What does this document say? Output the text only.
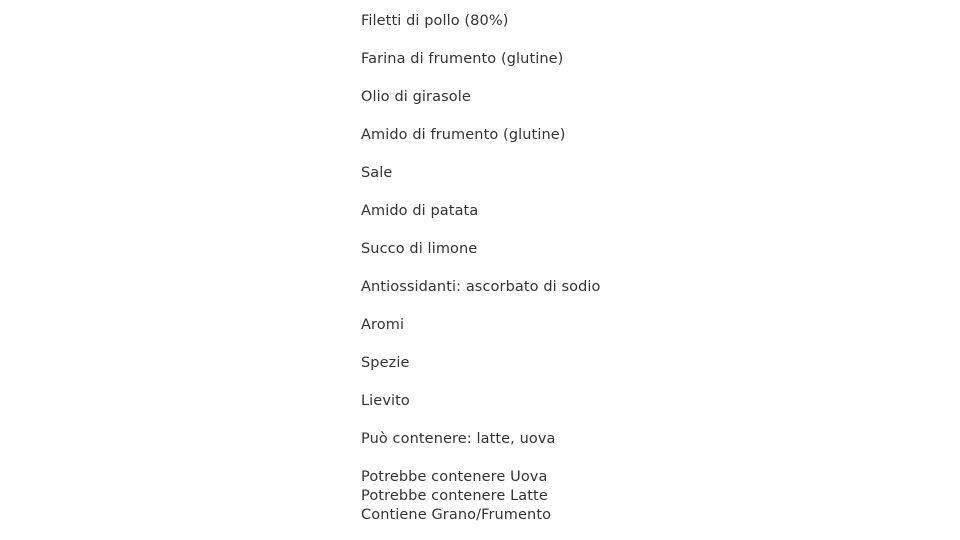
Filetti di pollo (80%)
Farina di frumento (glutine)
Olio di girasole
Amido di frumento (glutine)
Sale
Amido di patata
Succo di limone
Antiossidanti: ascorbato di sodio
Aromi
Spezie
Lievito
Può contenere: latte, uova
Potrebbe contenere Uova
Potrebbe contenere Latte
Contiene Grano/Frumento
